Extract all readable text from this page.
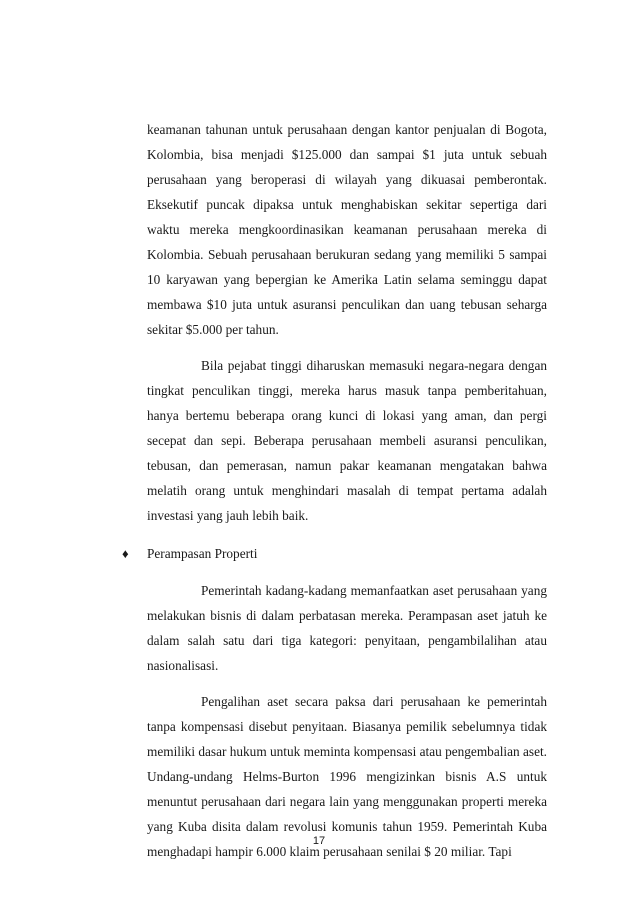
keamanan tahunan untuk perusahaan dengan kantor penjualan di Bogota, Kolombia, bisa menjadi $125.000 dan sampai $1 juta untuk sebuah perusahaan yang beroperasi di wilayah yang dikuasai pemberontak. Eksekutif puncak dipaksa untuk menghabiskan sekitar sepertiga dari waktu mereka mengkoordinasikan keamanan perusahaan mereka di Kolombia. Sebuah perusahaan berukuran sedang yang memiliki 5 sampai 10 karyawan yang bepergian ke Amerika Latin selama seminggu dapat membawa $10 juta untuk asuransi penculikan dan uang tebusan seharga sekitar $5.000 per tahun.

Bila pejabat tinggi diharuskan memasuki negara-negara dengan tingkat penculikan tinggi, mereka harus masuk tanpa pemberitahuan, hanya bertemu beberapa orang kunci di lokasi yang aman, dan pergi secepat dan sepi. Beberapa perusahaan membeli asuransi penculikan, tebusan, dan pemerasan, namun pakar keamanan mengatakan bahwa melatih orang untuk menghindari masalah di tempat pertama adalah investasi yang jauh lebih baik.

♦ Perampasan Properti

Pemerintah kadang-kadang memanfaatkan aset perusahaan yang melakukan bisnis di dalam perbatasan mereka. Perampasan aset jatuh ke dalam salah satu dari tiga kategori: penyitaan, pengambilalihan atau nasionalisasi.

Pengalihan aset secara paksa dari perusahaan ke pemerintah tanpa kompensasi disebut penyitaan. Biasanya pemilik sebelumnya tidak memiliki dasar hukum untuk meminta kompensasi atau pengembalian aset. Undang-undang Helms-Burton 1996 mengizinkan bisnis A.S untuk menuntut perusahaan dari negara lain yang menggunakan properti mereka yang Kuba disita dalam revolusi komunis tahun 1959. Pemerintah Kuba menghadapi hampir 6.000 klaim perusahaan senilai $ 20 miliar. Tapi

17
